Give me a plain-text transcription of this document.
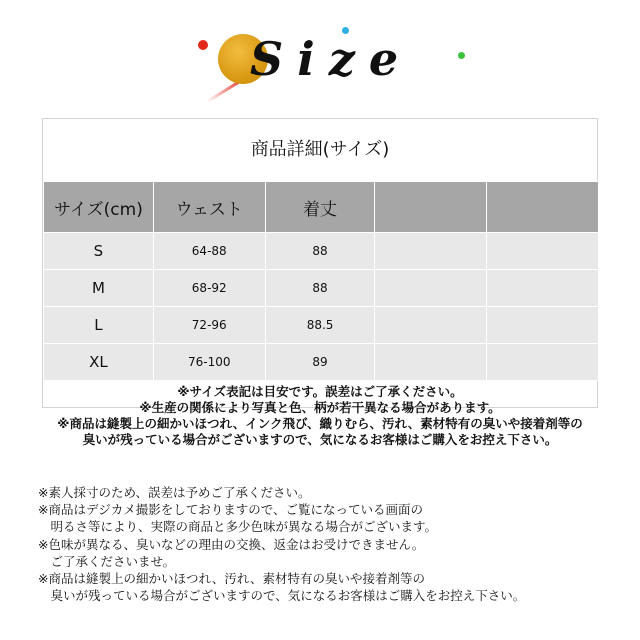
Size
商品詳細(サイズ)
サイズ(cm)	ウェスト	着丈		
S	64-88	88		
M	68-92	88		
L	72-96	88.5		
XL	76-100	89		
※サイズ表記は目安です。誤差はご了承ください。
※生産の関係により写真と色、柄が若干異なる場合があります。
※商品は縫製上の細かいほつれ、インク飛び、織りむら、汚れ、素材特有の臭いや接着剤等の
臭いが残っている場合がございますので、気になるお客様はご購入をお控え下さい。
※素人採寸のため、誤差は予めご了承ください。
※商品はデジカメ撮影をしておりますので、ご覧になっている画面の
　明るさ等により、実際の商品と多少色味が異なる場合がございます。
※色味が異なる、臭いなどの理由の交換、返金はお受けできません。
　ご了承くださいませ。
※商品は縫製上の細かいほつれ、汚れ、素材特有の臭いや接着剤等の
　臭いが残っている場合がございますので、気になるお客様はご購入をお控え下さい。
